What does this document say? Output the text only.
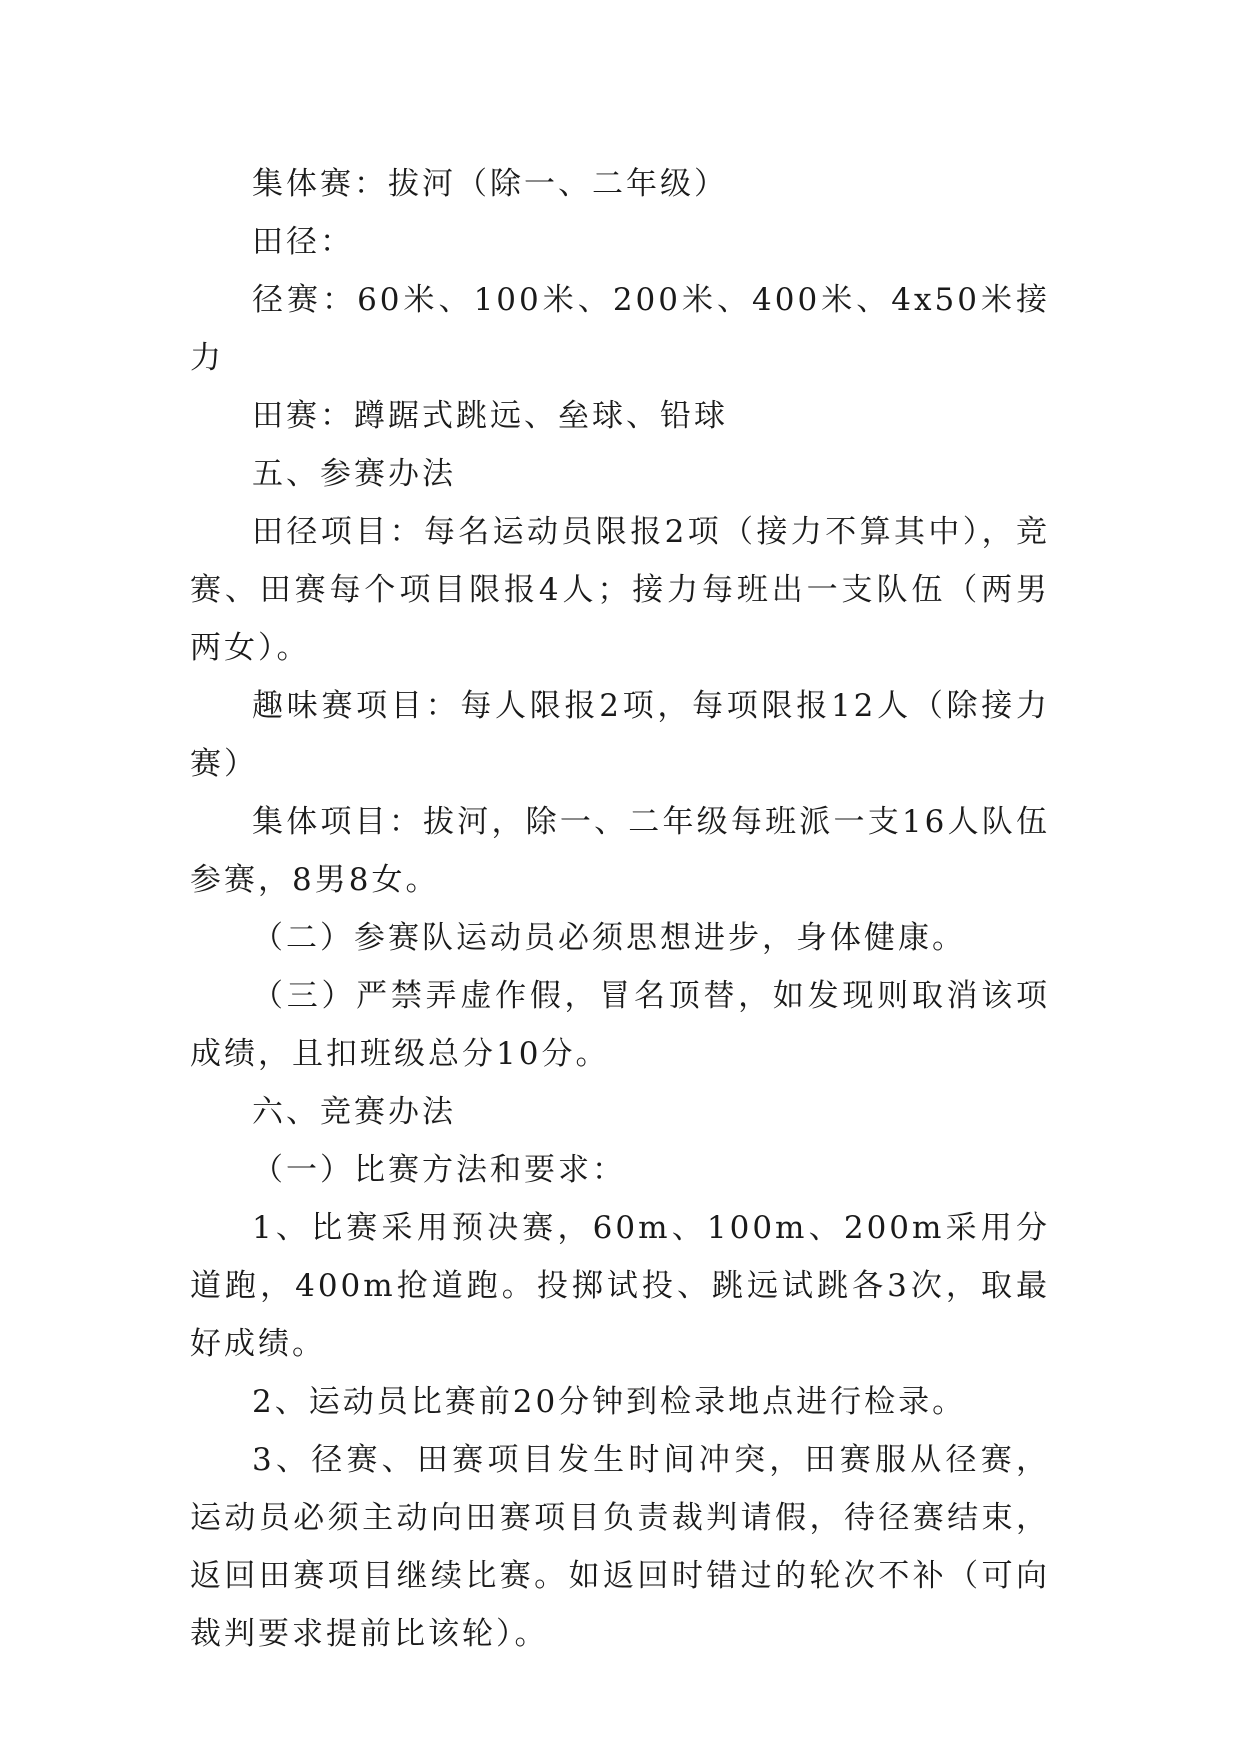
集体赛：拔河（除一、二年级）

田径：

径赛：60米、100米、200米、400米、4x50米接力

田赛：蹲踞式跳远、垒球、铅球

五、参赛办法

田径项目：每名运动员限报2项（接力不算其中），竞赛、田赛每个项目限报4人；接力每班出一支队伍（两男两女）。

趣味赛项目：每人限报2项，每项限报12人（除接力赛）

集体项目：拔河，除一、二年级每班派一支16人队伍参赛，8男8女。

（二）参赛队运动员必须思想进步，身体健康。

（三）严禁弄虚作假，冒名顶替，如发现则取消该项成绩，且扣班级总分10分。

六、竞赛办法

（一）比赛方法和要求：

1、比赛采用预决赛，60m、100m、200m采用分道跑，400m抢道跑。投掷试投、跳远试跳各3次，取最好成绩。

2、运动员比赛前20分钟到检录地点进行检录。

3、径赛、田赛项目发生时间冲突，田赛服从径赛，运动员必须主动向田赛项目负责裁判请假，待径赛结束，返回田赛项目继续比赛。如返回时错过的轮次不补（可向裁判要求提前比该轮）。
